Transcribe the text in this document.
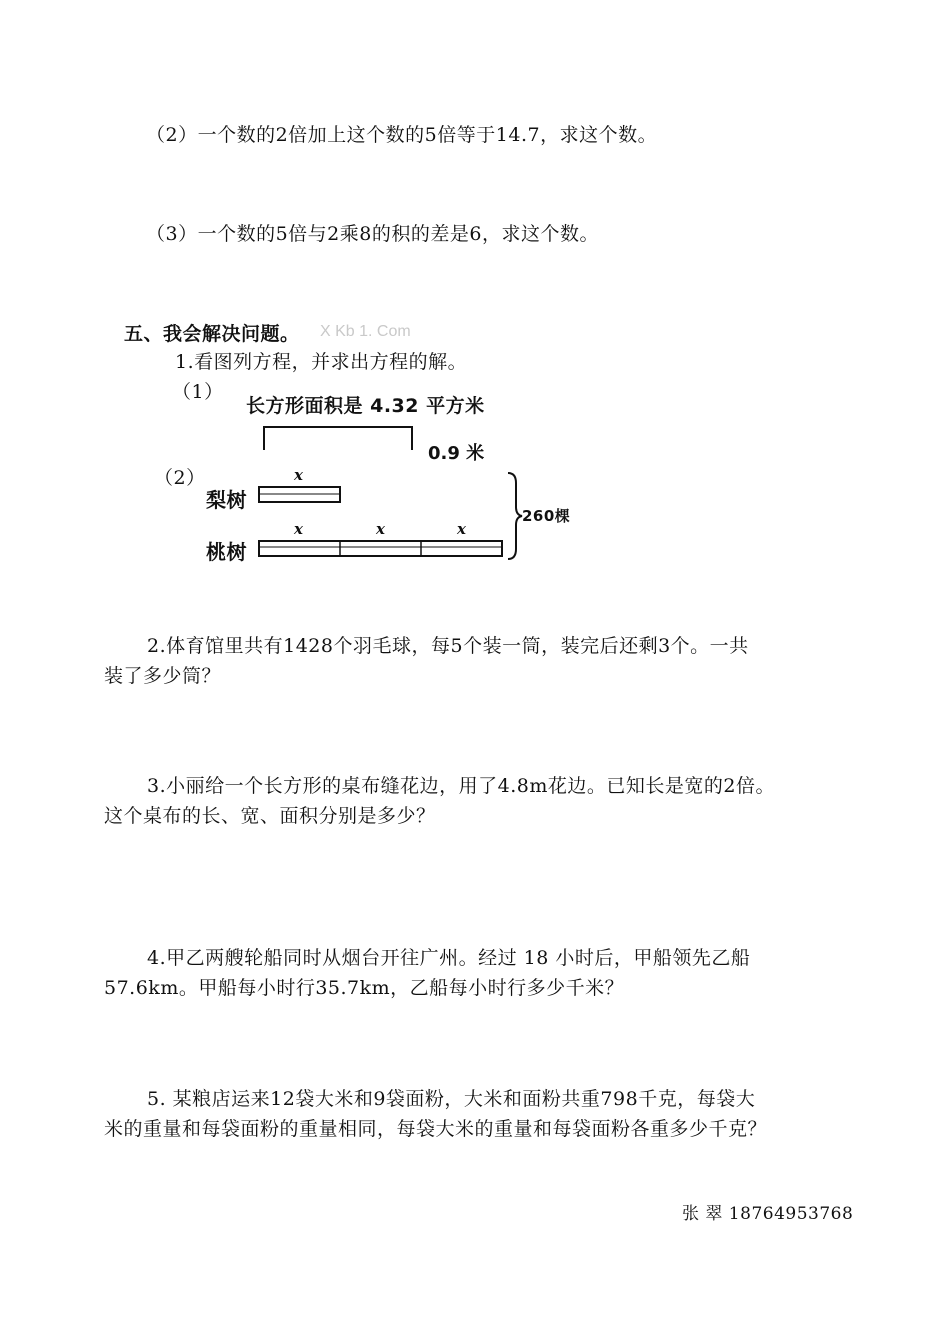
（2）一个数的2倍加上这个数的5倍等于14.7，求这个数。
（3）一个数的5倍与2乘8的积的差是6，求这个数。
五、我会解决问题。 X Kb 1. Com
1.看图列方程，并求出方程的解。
（1）
长方形面积是 4.32 平方米
0.9 米
（2）
梨树
桃树
x
x	x	x
260棵
2.体育馆里共有1428个羽毛球，每5个装一筒，装完后还剩3个。一共
装了多少筒？
3.小丽给一个长方形的桌布缝花边，用了4.8m花边。已知长是宽的2倍。
这个桌布的长、宽、面积分别是多少？
4.甲乙两艘轮船同时从烟台开往广州。经过 18 小时后，甲船领先乙船
57.6km。甲船每小时行35.7km，乙船每小时行多少千米？
5. 某粮店运来12袋大米和9袋面粉，大米和面粉共重798千克，每袋大
米的重量和每袋面粉的重量相同，每袋大米的重量和每袋面粉各重多少千克？
张 翠 18764953768
